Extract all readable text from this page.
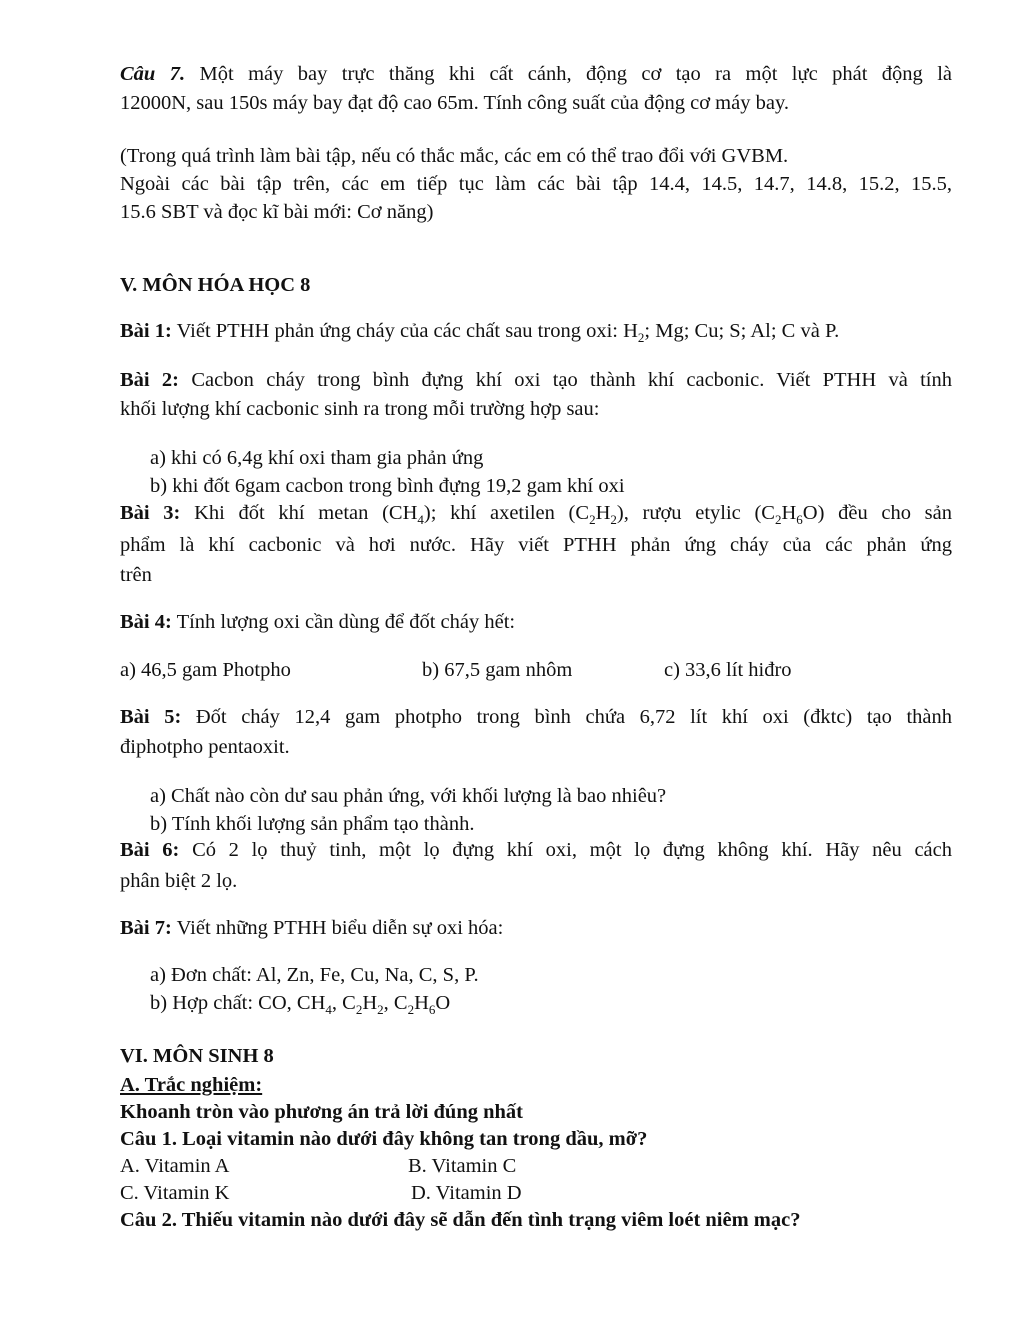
Câu 7. Một máy bay trực thăng khi cất cánh, động cơ tạo ra một lực phát động là
12000N, sau 150s máy bay đạt độ cao 65m. Tính công suất của động cơ máy bay.
(Trong quá trình làm bài tập, nếu có thắc mắc, các em có thể trao đổi với GVBM.
Ngoài các bài tập trên, các em tiếp tục làm các bài tập 14.4, 14.5, 14.7, 14.8, 15.2, 15.5,
15.6 SBT và đọc kĩ bài mới: Cơ năng)
V. MÔN HÓA HỌC 8
Bài 1: Viết PTHH phản ứng cháy của các chất sau trong oxi: $H_2$; Mg; Cu; S; Al; C và P.
Bài 2: Cacbon cháy trong bình đựng khí oxi tạo thành khí cacbonic. Viết PTHH và tính
khối lượng khí cacbonic sinh ra trong mỗi trường hợp sau:
a) khi có 6,4g khí oxi tham gia phản ứng
b) khi đốt 6gam cacbon trong bình đựng 19,2 gam khí oxi
Bài 3: Khi đốt khí metan $(CH_4)$; khí axetilen $(C_2H_2)$, rượu etylic $(C_2H_6O)$ đều cho sản
phẩm là khí cacbonic và hơi nước. Hãy viết PTHH phản ứng cháy của các phản ứng
trên
Bài 4: Tính lượng oxi cần dùng để đốt cháy hết:
a) 46,5 gam Photpho	b) 67,5 gam nhôm	c) 33,6 lít hiđro
Bài 5: Đốt cháy 12,4 gam photpho trong bình chứa 6,72 lít khí oxi (đktc) tạo thành
điphotpho pentaoxit.
a) Chất nào còn dư sau phản ứng, với khối lượng là bao nhiêu?
b) Tính khối lượng sản phẩm tạo thành.
Bài 6: Có 2 lọ thuỷ tinh, một lọ đựng khí oxi, một lọ đựng không khí. Hãy nêu cách
phân biệt 2 lọ.
Bài 7: Viết những PTHH biểu diễn sự oxi hóa:
a) Đơn chất: Al, Zn, Fe, Cu, Na, C, S, P.
b) Hợp chất: CO, $CH_4$, $C_2H_2$, $C_2H_6O$
VI. MÔN SINH 8
A. Trắc nghiệm:
Khoanh tròn vào phương án trả lời đúng nhất
Câu 1. Loại vitamin nào dưới đây không tan trong dầu, mỡ?
A. Vitamin A	B. Vitamin C
C. Vitamin K	D. Vitamin D
Câu 2. Thiếu vitamin nào dưới đây sẽ dẫn đến tình trạng viêm loét niêm mạc?
